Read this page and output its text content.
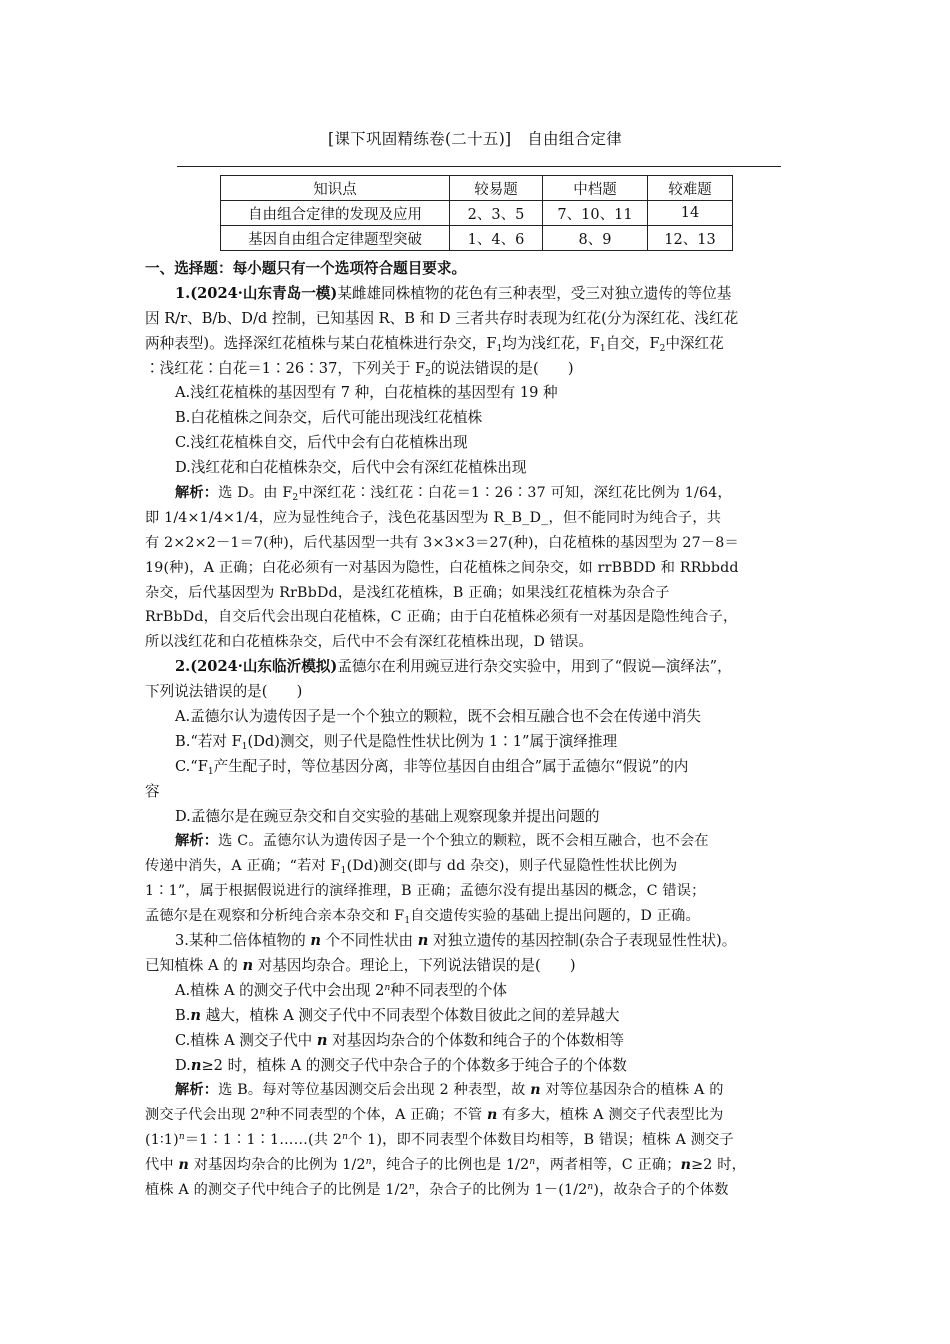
[课下巩固精练卷(二十五)]　自由组合定律
知识点	较易题	中档题	较难题
自由组合定律的发现及应用	2、3、5	7、10、11	14
基因自由组合定律题型突破	1、4、6	8、9	12、13
一、选择题：每小题只有一个选项符合题目要求。
1.(2024·山东青岛一模)某雌雄同株植物的花色有三种表型，受三对独立遗传的等位基
因 R/r、B/b、D/d 控制，已知基因 R、B 和 D 三者共存时表现为红花(分为深红花、浅红花
两种表型)。选择深红花植株与某白花植株进行杂交，$F_1$均为浅红花，$F_1$自交，$F_2$中深红花
∶浅红花∶白花＝1∶26∶37，下列关于 $F_2$的说法错误的是(　　)
A.浅红花植株的基因型有 7 种，白花植株的基因型有 19 种
B.白花植株之间杂交，后代可能出现浅红花植株
C.浅红花植株自交，后代中会有白花植株出现
D.浅红花和白花植株杂交，后代中会有深红花植株出现
解析：选 D。由 $F_2$中深红花∶浅红花∶白花＝1∶26∶37 可知，深红花比例为 1/64，
即 1/4×1/4×1/4，应为显性纯合子，浅色花基因型为 R_B_D_，但不能同时为纯合子，共
有 2×2×2－1＝7(种)，后代基因型一共有 3×3×3＝27(种)，白花植株的基因型为 27－8＝
19(种)，A 正确；白花必须有一对基因为隐性，白花植株之间杂交，如 rrBBDD 和 RRbbdd
杂交，后代基因型为 RrBbDd，是浅红花植株，B 正确；如果浅红花植株为杂合子
RrBbDd，自交后代会出现白花植株，C 正确；由于白花植株必须有一对基因是隐性纯合子，
所以浅红花和白花植株杂交，后代中不会有深红花植株出现，D 错误。
2.(2024·山东临沂模拟)孟德尔在利用豌豆进行杂交实验中，用到了“假说—演绎法”，
下列说法错误的是(　　)
A.孟德尔认为遗传因子是一个个独立的颗粒，既不会相互融合也不会在传递中消失
B.“若对 $F_1(Dd)$测交，则子代是隐性性状比例为 1∶1”属于演绎推理
$C.“F_1$产生配子时，等位基因分离，非等位基因自由组合”属于孟德尔“假说”的内
容
D.孟德尔是在豌豆杂交和自交实验的基础上观察现象并提出问题的
解析：选 C。孟德尔认为遗传因子是一个个独立的颗粒，既不会相互融合，也不会在
传递中消失，A 正确；“若对 $F_1(Dd)$测交(即与 dd 杂交)，则子代显隐性性状比例为
1∶1”，属于根据假说进行的演绎推理，B 正确；孟德尔没有提出基因的概念，C 错误；
孟德尔是在观察和分析纯合亲本杂交和 $F_1$自交遗传实验的基础上提出问题的，D 正确。
3.某种二倍体植物的 n 个不同性状由 n 对独立遗传的基因控制(杂合子表现显性性状)。
已知植株 A 的 n 对基因均杂合。理论上，下列说法错误的是(　　)
A.植株 A 的测交子代中会出现 2$^n$种不同表型的个体
B.n 越大，植株 A 测交子代中不同表型个体数目彼此之间的差异越大
C.植株 A 测交子代中 n 对基因均杂合的个体数和纯合子的个体数相等
D.n≥2 时，植株 A 的测交子代中杂合子的个体数多于纯合子的个体数
解析：选 B。每对等位基因测交后会出现 2 种表型，故 n 对等位基因杂合的植株 A 的
测交子代会出现 2$^n$种不同表型的个体，A 正确；不管 n 有多大，植株 A 测交子代表型比为
(1∶1)$^n$＝1∶1∶1∶1……(共 2$^n$个 1)，即不同表型个体数目均相等，B 错误；植株 A 测交子
代中 n 对基因均杂合的比例为 1/2$^n$，纯合子的比例也是 1/2$^n$，两者相等，C 正确；n≥2 时，
植株 A 的测交子代中纯合子的比例是 1/2$^n$，杂合子的比例为 $1-(1/2^n)$，故杂合子的个体数
